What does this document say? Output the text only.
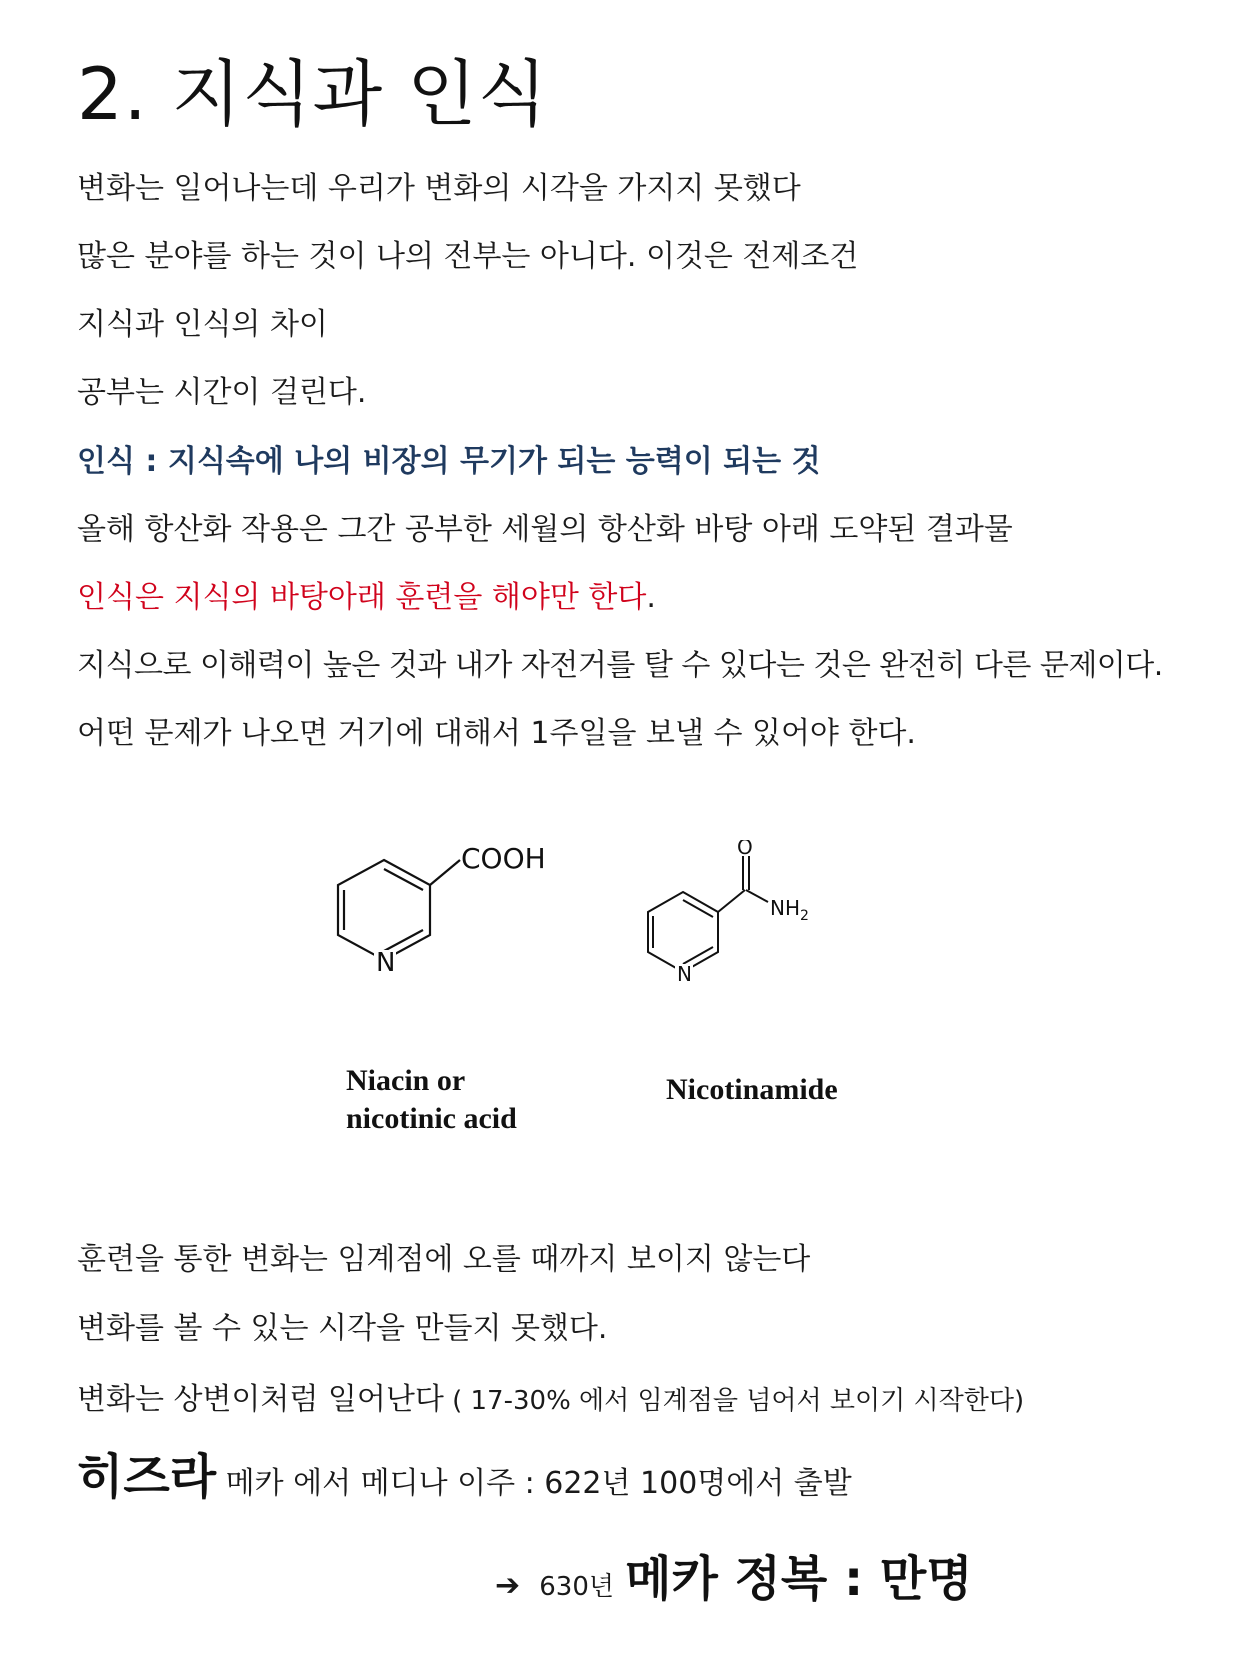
2. 지식과 인식
변화는 일어나는데 우리가 변화의 시각을 가지지 못했다
많은 분야를 하는 것이 나의 전부는 아니다. 이것은 전제조건
지식과 인식의 차이
공부는 시간이 걸린다.
인식 : 지식속에 나의 비장의 무기가 되는 능력이 되는 것
올해 항산화 작용은 그간 공부한 세월의 항산화 바탕 아래 도약된 결과물
인식은 지식의 바탕아래 훈련을 해야만 한다.
지식으로 이해력이 높은 것과 내가 자전거를 탈 수 있다는 것은 완전히 다른 문제이다.
어떤 문제가 나오면 거기에 대해서 1주일을 보낼 수 있어야 한다.
COOH
N
O
$NH_2$
N
Niacin or
nicotinic acid
Nicotinamide
훈련을 통한 변화는 임계점에 오를 때까지 보이지 않는다
변화를 볼 수 있는 시각을 만들지 못했다.
변화는 상변이처럼 일어난다 ( 17-30% 에서 임계점을 넘어서 보이기 시작한다)
히즈라 메카 에서 메디나 이주 : 622년 100명에서 출발
➔ 630년 메카 정복 : 만명
